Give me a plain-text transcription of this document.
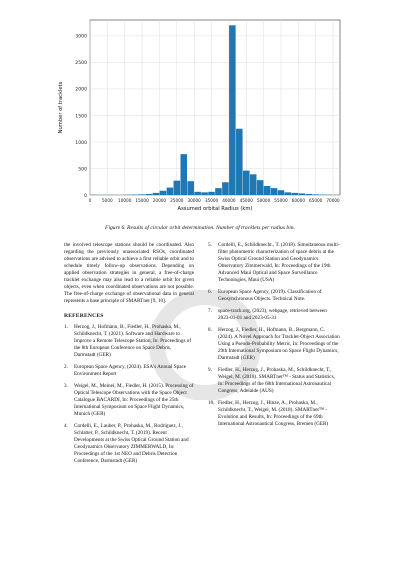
0
500
1000
1500
2000
2500
3000
0	5000 10000 15000 20000 25000 30000 35000 40000 45000 50000 55000 60000 65000 70000
Assumed orbital Radius (km)
Number of tracklets
Figure 6. Results of circular orbit determination. Number of tracklets per radius bin.
the involved telescope stations should be coordinated. Also regarding the previously unassociated RSOs, coordinated observations are advised to achieve a first reliable orbit and to schedule timely follow-up observations. Depending on applied observation strategies in general, a free-of-charge tracklet exchange may also lead to a reliable orbit for given objects, even when coordinated observations are not possible. The free-of-charge exchange of observational data in general represents a base principle of SMARTnet [9, 10].
REFERENCES
1. Herzog, J., Hofmann, B., Fiedler, H., Prohaska, M., Schildknecht, T. (2021). Software and Hardware to Improve a Remote Telescope Station, In: Proceedings of the 8th European Conference on Space Debris, Darmstadt (GER)
2. European Space Agency, (2024). ESA's Annual Space Environment Report
3. Weigel, M., Meinel, M., Fiedler, H. (2015). Processing of Optical Telescope Observations with the Space Object Catalogue BACARDI, In: Proceedings of the 25th International Symposium on Space Flight Dynamics, Munich (GER)
4. Cordelli, E., Lauber, P., Prohaska, M., Rodriguez, J., Schlatter, P., Schildknecht, T. (2019). Recent Developments at the Swiss Optical Ground Station and Geodynamics Observatory ZIMMERWALD, In: Proceedings of the 1st NEO and Debris Detection Conference, Darmstadt (GER)
5. Cordelli, E., Schildknecht., T. (2018). Simultaneous multi-filter photometric characterization of space debris at the Swiss Optical Ground Station and Geodynamics Observatory Zimmerwald, In: Proceedings of the 19th Advanced Maui Optical and Space Surveillance Technologies, Maui (USA)
6. European Space Agency, (2019). Classification of Geosynchronous Objects. Technical Note.
7. space-track.org, (2023), webpage, retrieved between 2023-01-01 and 2023-05-31
8. Herzog, J., Fiedler, H., Hofmann, B., Bergmann, C. (2024). A Novel Approach for Tracklet-Object Association Using a Pseudo-Probability Metric, In: Proceedings of the 29th International Symposium on Space Flight Dynamics, Darmstadt (GER)
9. Fiedler, H., Herzog, J., Prohaska, M., Schildknecht, T., Weigel, M. (2018). SMARTnet™ - Status and Statistics, In: Proceedings of the 68th International Astronautical Congress, Adelaide (AUS)
10. Fiedler, H., Herzog, J., Hinze, A., Prohaska, M., Schildknecht, T., Weigel, M. (2018). SMARTnet™ - Evolution and Results, In: Proceedings of the 69th International Astronautical Congress, Bremen (GER)
